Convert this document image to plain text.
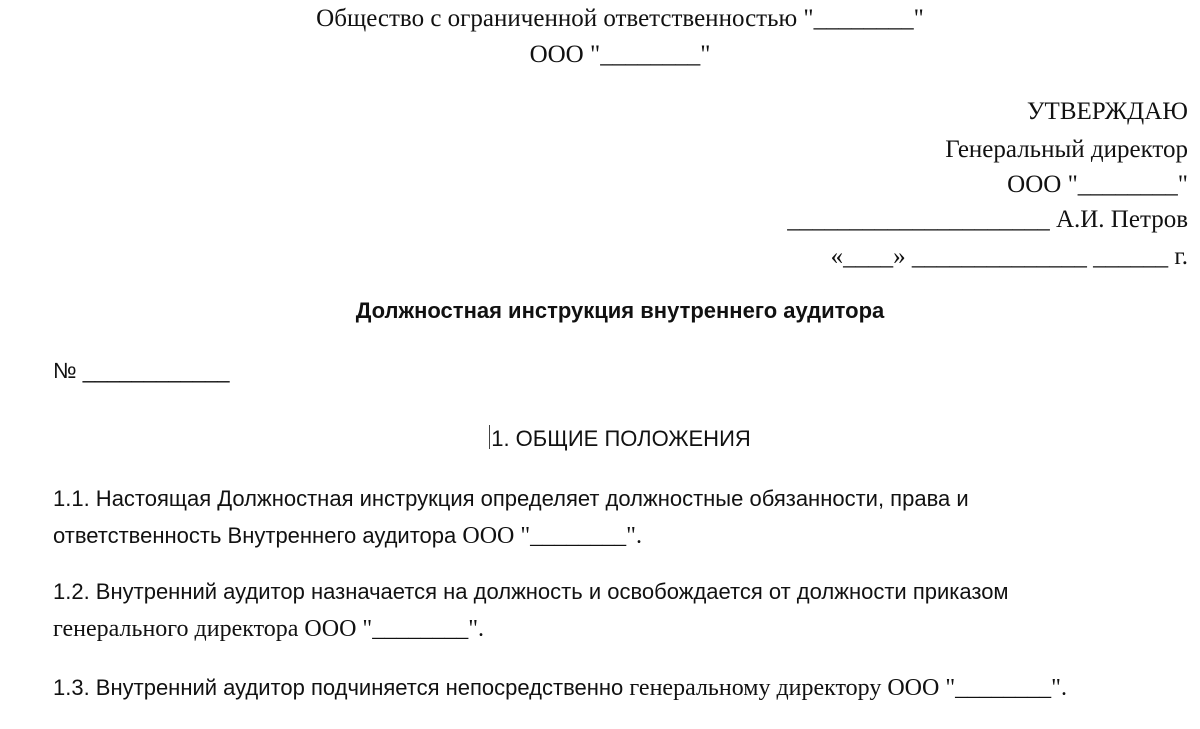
Общество с ограниченной ответственностью "________"
ООО "________"
УТВЕРЖДАЮ
Генеральный директор
ООО "________"
_____________________ А.И. Петров
«____» ______________ ______ г.
Должностная инструкция внутреннего аудитора
№ ____________
1. ОБЩИЕ ПОЛОЖЕНИЯ
1.1. Настоящая Должностная инструкция определяет должностные обязанности, права и
ответственность Внутреннего аудитора ООО "________".
1.2. Внутренний аудитор назначается на должность и освобождается от должности приказом
генерального директора ООО "________".
1.3. Внутренний аудитор подчиняется непосредственно генеральному директору ООО "________".
